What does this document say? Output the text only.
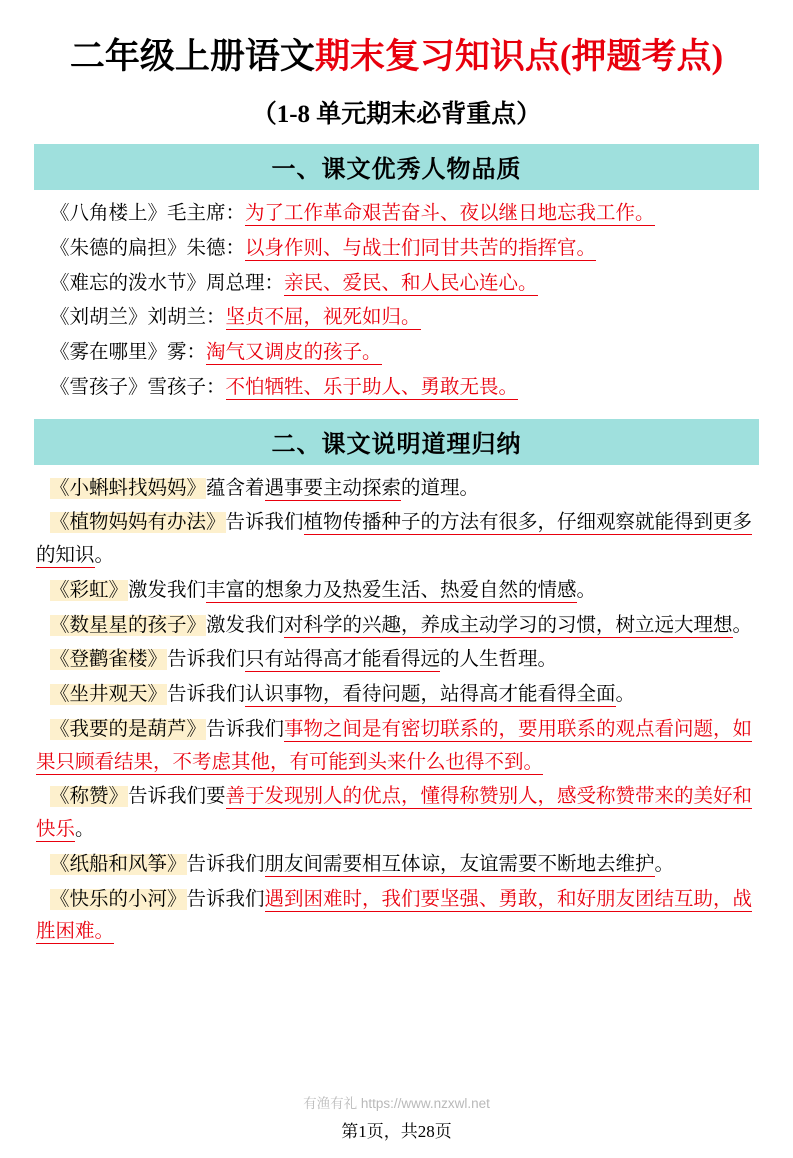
二年级上册语文期末复习知识点(押题考点)
（1-8 单元期末必背重点）
一、课文优秀人物品质
《八角楼上》毛主席：为了工作革命艰苦奋斗、夜以继日地忘我工作。
《朱德的扁担》朱德：以身作则、与战士们同甘共苦的指挥官。
《难忘的泼水节》周总理：亲民、爱民、和人民心连心。
《刘胡兰》刘胡兰：坚贞不屈，视死如归。
《雾在哪里》雾：淘气又调皮的孩子。
《雪孩子》雪孩子：不怕牺牲、乐于助人、勇敢无畏。
二、课文说明道理归纳
《小蝌蚪找妈妈》蕴含着遇事要主动探索的道理。
《植物妈妈有办法》告诉我们植物传播种子的方法有很多，仔细观察就能得到更多的知识。
《彩虹》激发我们丰富的想象力及热爱生活、热爱自然的情感。
《数星星的孩子》激发我们对科学的兴趣，养成主动学习的习惯，树立远大理想。
《登鹳雀楼》告诉我们只有站得高才能看得远的人生哲理。
《坐井观天》告诉我们认识事物，看待问题，站得高才能看得全面。
《我要的是葫芦》告诉我们事物之间是有密切联系的，要用联系的观点看问题，如果只顾看结果，不考虑其他，有可能到头来什么也得不到。
《称赞》告诉我们要善于发现别人的优点，懂得称赞别人，感受称赞带来的美好和快乐。
《纸船和风筝》告诉我们朋友间需要相互体谅，友谊需要不断地去维护。
《快乐的小河》告诉我们遇到困难时，我们要坚强、勇敢，和好朋友团结互助，战胜困难。
有渔有礼 https://www.nzxwl.net
第1页，共28页
